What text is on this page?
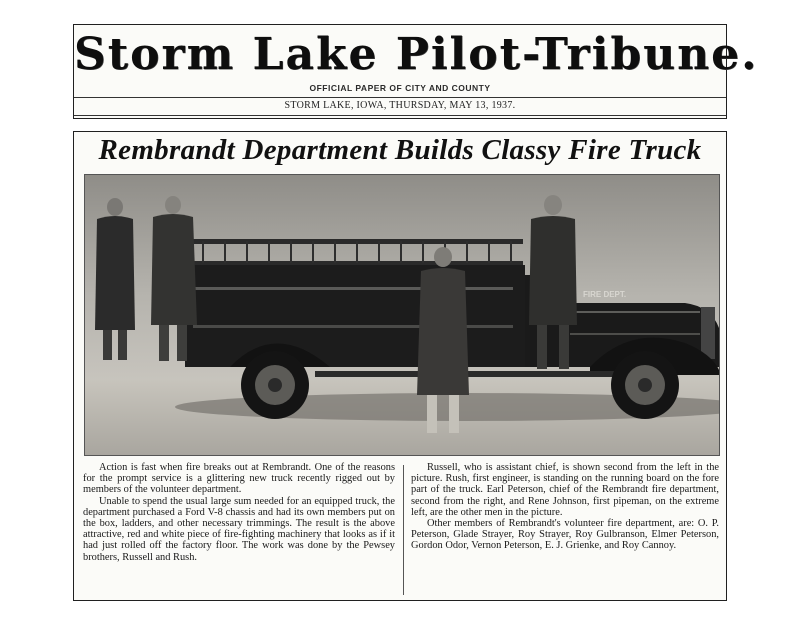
Storm Lake Pilot-Tribune.
OFFICIAL PAPER OF CITY AND COUNTY
STORM LAKE, IOWA, THURSDAY, MAY 13, 1937.
Rembrandt Department Builds Classy Fire Truck
FIRE DEPT.

Action is fast when fire breaks out at Rembrandt. One of the reasons for the prompt service is a glittering new truck recently rigged out by members of the volunteer department.

Unable to spend the usual large sum needed for an equipped truck, the department purchased a Ford V-8 chassis and had its own members put on the box, ladders, and other necessary trimmings. The result is the above attractive, red and white piece of fire-fighting machinery that looks as if it had just rolled off the factory floor. The work was done by the Pewsey brothers, Russell and Rush.

Russell, who is assistant chief, is shown second from the left in the picture. Rush, first engineer, is standing on the running board on the fore part of the truck. Earl Peterson, chief of the Rembrandt fire department, second from the right, and Rene Johnson, first pipeman, on the extreme left, are the other men in the picture.

Other members of Rembrandt's volunteer fire department, are: O. P. Peterson, Glade Strayer, Roy Strayer, Roy Gulbranson, Elmer Peterson, Gordon Odor, Vernon Peterson, E. J. Grienke, and Roy Cannoy.
